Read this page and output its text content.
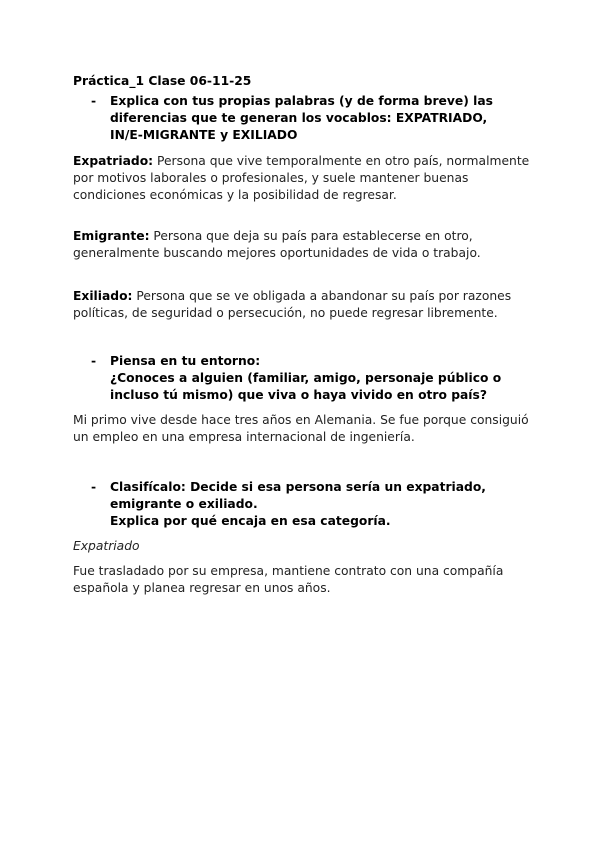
Práctica_1 Clase 06-11-25
- Explica con tus propias palabras (y de forma breve) las
diferencias que te generan los vocablos: EXPATRIADO,
IN/E-MIGRANTE y EXILIADO
Expatriado: Persona que vive temporalmente en otro país, normalmente
por motivos laborales o profesionales, y suele mantener buenas
condiciones económicas y la posibilidad de regresar.
Emigrante: Persona que deja su país para establecerse en otro,
generalmente buscando mejores oportunidades de vida o trabajo.
Exiliado: Persona que se ve obligada a abandonar su país por razones
políticas, de seguridad o persecución, no puede regresar libremente.
- Piensa en tu entorno:
¿Conoces a alguien (familiar, amigo, personaje público o
incluso tú mismo) que viva o haya vivido en otro país?
Mi primo vive desde hace tres años en Alemania. Se fue porque consiguió
un empleo en una empresa internacional de ingeniería.
- Clasifícalo: Decide si esa persona sería un expatriado,
emigrante o exiliado.
Explica por qué encaja en esa categoría.
Expatriado
Fue trasladado por su empresa, mantiene contrato con una compañía
española y planea regresar en unos años.
